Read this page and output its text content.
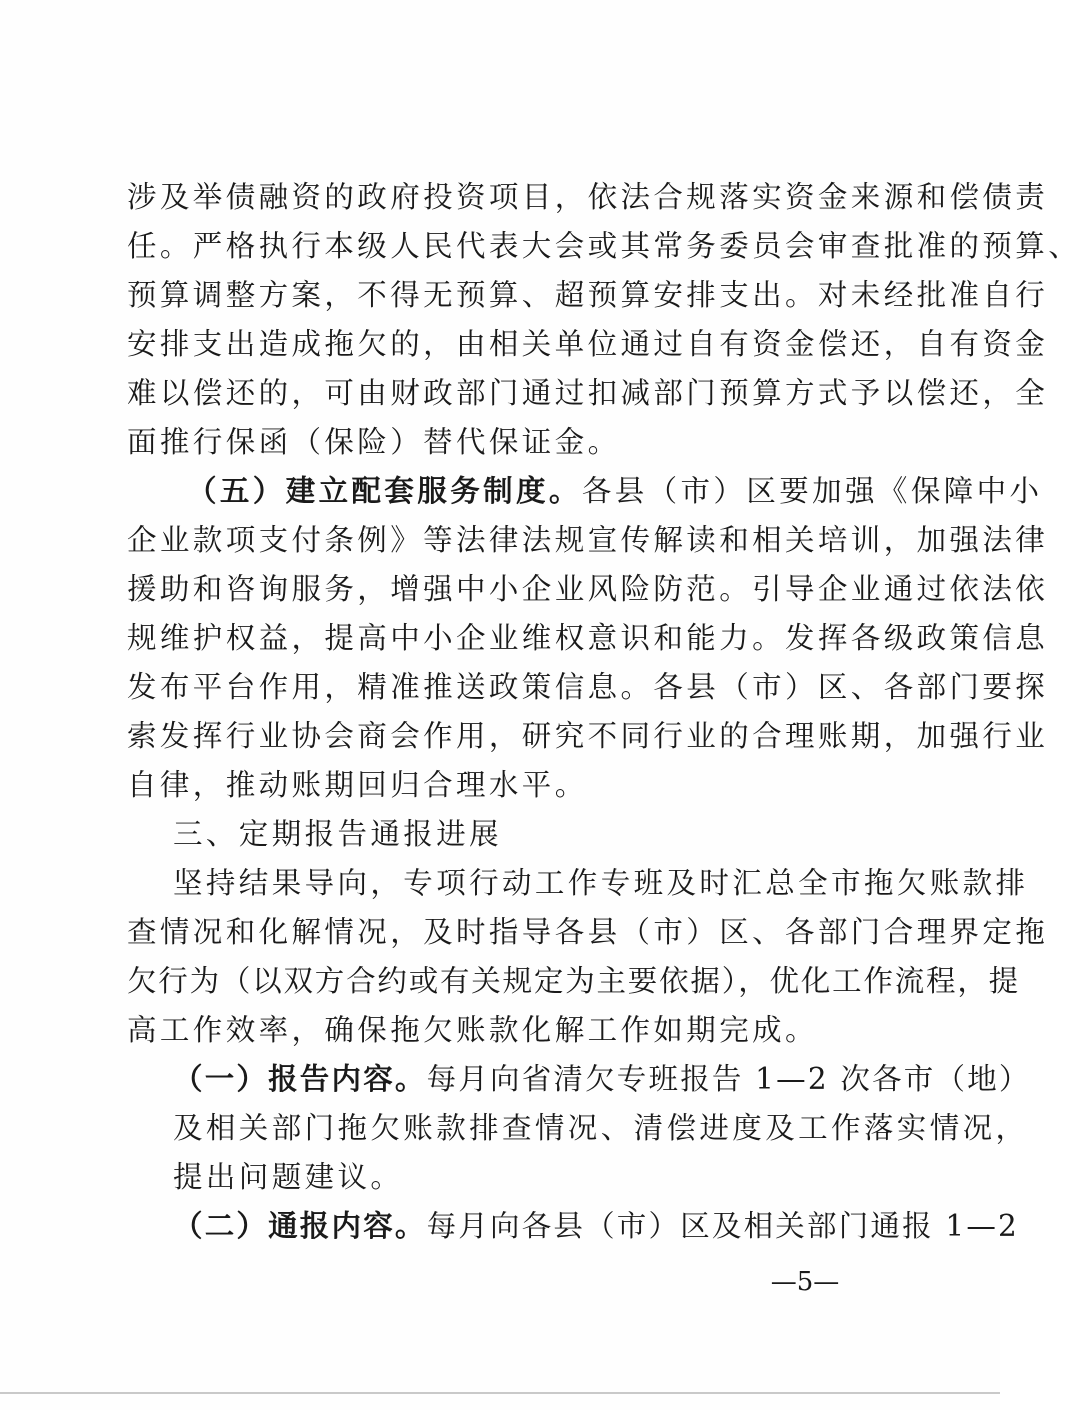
涉及举债融资的政府投资项目，依法合规落实资金来源和偿债责
任。严格执行本级人民代表大会或其常务委员会审查批准的预算、
预算调整方案，不得无预算、超预算安排支出。对未经批准自行
安排支出造成拖欠的，由相关单位通过自有资金偿还，自有资金
难以偿还的，可由财政部门通过扣减部门预算方式予以偿还，全
面推行保函（保险）替代保证金。
（五）建立配套服务制度。各县（市）区要加强《保障中小
企业款项支付条例》等法律法规宣传解读和相关培训，加强法律
援助和咨询服务，增强中小企业风险防范。引导企业通过依法依
规维护权益，提高中小企业维权意识和能力。发挥各级政策信息
发布平台作用，精准推送政策信息。各县（市）区、各部门要探
索发挥行业协会商会作用，研究不同行业的合理账期，加强行业
自律，推动账期回归合理水平。
三、定期报告通报进展
坚持结果导向，专项行动工作专班及时汇总全市拖欠账款排
查情况和化解情况，及时指导各县（市）区、各部门合理界定拖
欠行为（以双方合约或有关规定为主要依据），优化工作流程，提
高工作效率，确保拖欠账款化解工作如期完成。
（一）报告内容。每月向省清欠专班报告 1—2 次各市（地）
及相关部门拖欠账款排查情况、清偿进度及工作落实情况，
提出问题建议。
（二）通报内容。每月向各县（市）区及相关部门通报 1—2
—5—
